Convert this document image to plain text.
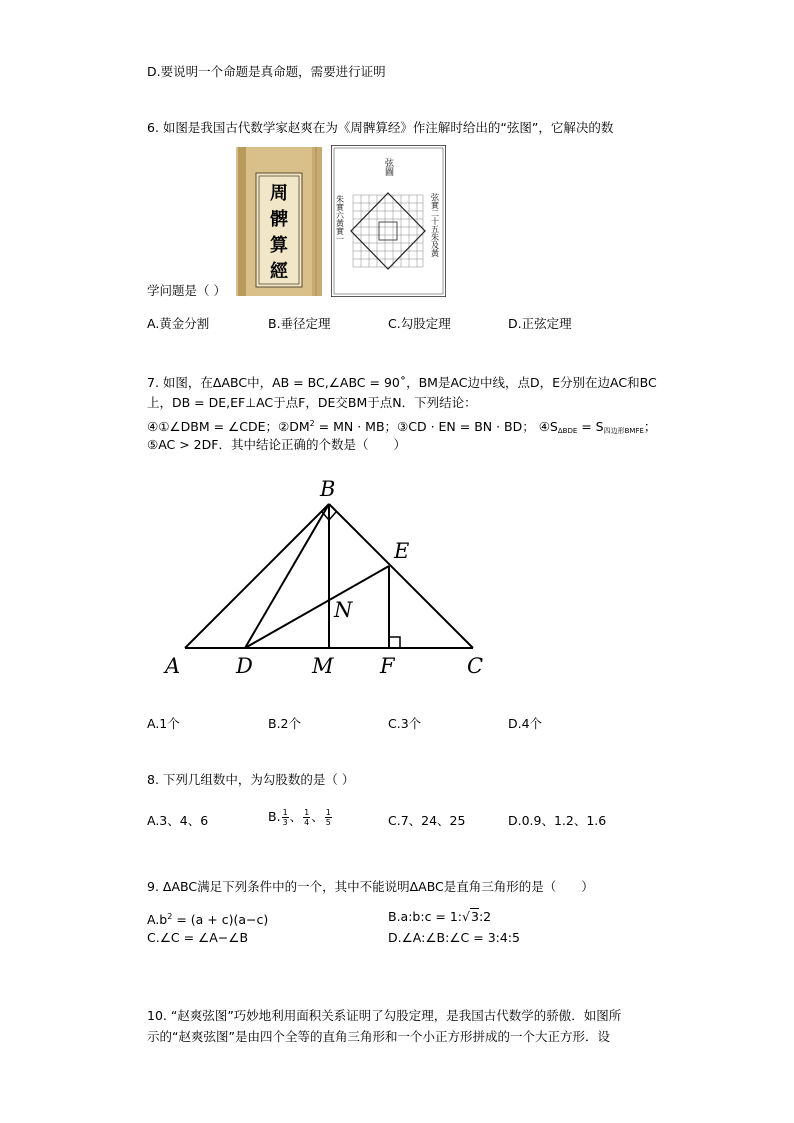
D.要说明一个命题是真命题，需要进行证明
6. 如图是我国古代数学家赵爽在为《周髀算经》作注解时给出的“弦图”，它解决的数
周
髀
算
經
弦圖
朱實六黃實一	弦實二十五朱及黃
学问题是（ ）
A.黄金分割	B.垂径定理	C.勾股定理	D.正弦定理
7. 如图，在ΔABC中，AB = BC,∠ABC = 90˚，BM是AC边中线，点D，E分别在边AC和BC
上，DB = DE,EF⊥AC于点F，DE交BM于点N．下列结论：
④①∠DBM = ∠CDE；$②DM^2$ = MN · MB；③CD · EN = BN · BD； $④S_{\Delta BDE} = S_{四边形BMFE}$；
⑤AC > 2DF．其中结论正确的个数是（　　）
A
B
C
D
E
F
M
N
A.1个	B.2个	C.3个	D.4个
8. 下列几组数中，为勾股数的是（ ）
A.3、4、6	B. $\frac{1}{3}$ 、 $\frac{1}{4}$ 、 $\frac{1}{5}$	C.7、24、25	D.0.9、1.2、1.6
9. ΔABC满足下列条件中的一个，其中不能说明ΔABC是直角三角形的是（　　）
$A.b^2 = (a + c)(a-c)$	B.a:b:c = 1:√3:2
C.∠C = ∠A−∠B	D.∠A:∠B:∠C = 3:4:5
10. “赵爽弦图”巧妙地利用面积关系证明了勾股定理，是我国古代数学的骄傲．如图所
示的“赵爽弦图”是由四个全等的直角三角形和一个小正方形拼成的一个大正方形．设
